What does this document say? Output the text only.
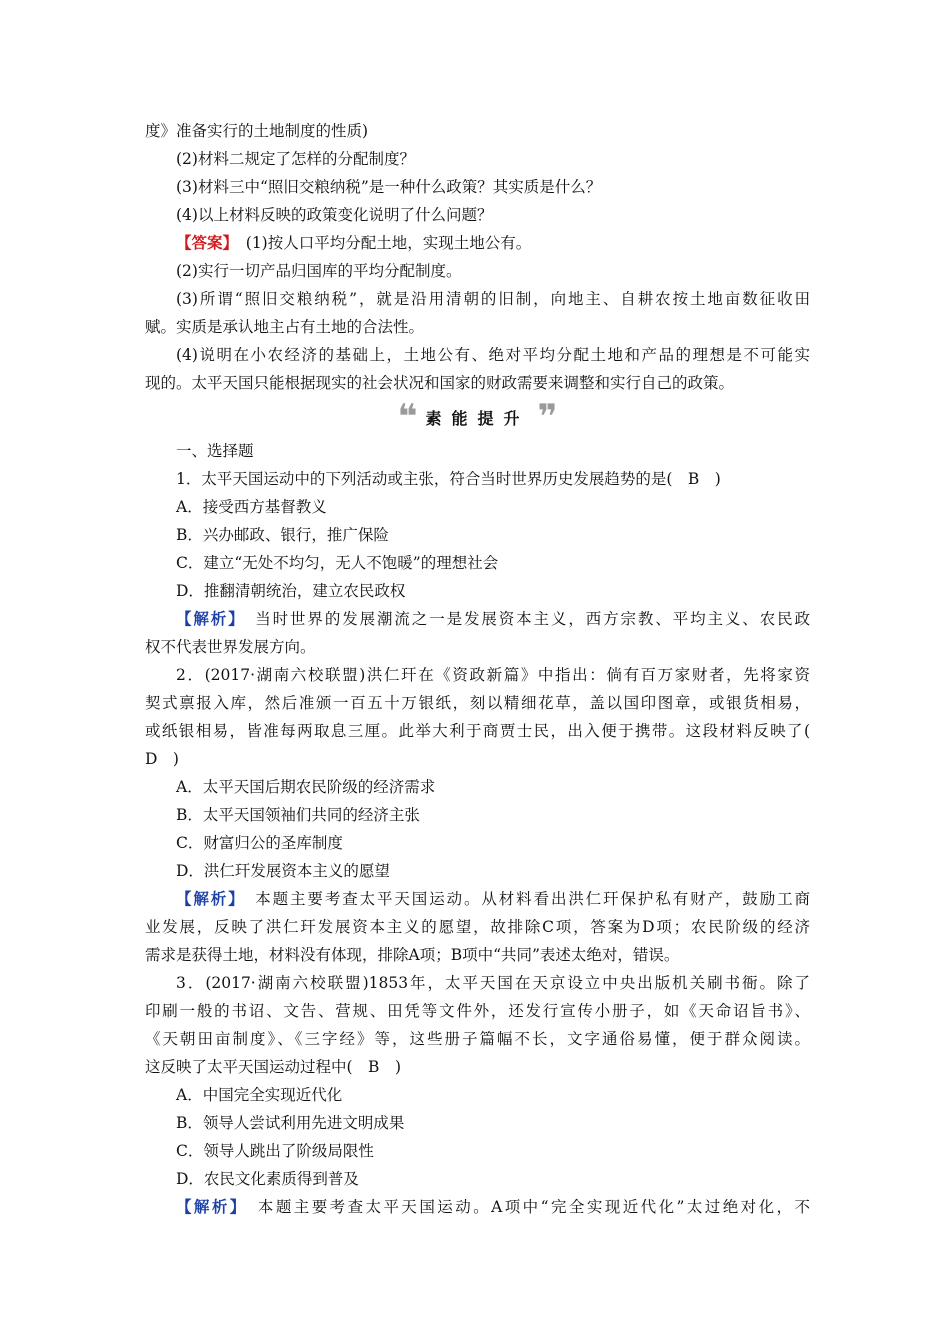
度》准备实行的土地制度的性质)
(2)材料二规定了怎样的分配制度？
(3)材料三中“照旧交粮纳税”是一种什么政策？其实质是什么？
(4)以上材料反映的政策变化说明了什么问题？
【答案】　(1)按人口平均分配土地，实现土地公有。
(2)实行一切产品归国库的平均分配制度。
(3)所谓“照旧交粮纳税”，就是沿用清朝的旧制，向地主、自耕农按土地亩数征收田
赋。实质是承认地主占有土地的合法性。
(4)说明在小农经济的基础上，土地公有、绝对平均分配土地和产品的理想是不可能实
现的。太平天国只能根据现实的社会状况和国家的财政需要来调整和实行自己的政策。
❝ 素能提升 ❞
一、选择题
1．太平天国运动中的下列活动或主张，符合当时世界历史发展趋势的是(　B　)
A．接受西方基督教义
B．兴办邮政、银行，推广保险
C．建立“无处不均匀，无人不饱暖”的理想社会
D．推翻清朝统治，建立农民政权
【解析】　当时世界的发展潮流之一是发展资本主义，西方宗教、平均主义、农民政
权不代表世界发展方向。
2．(2017·湖南六校联盟)洪仁玕在《资政新篇》中指出：倘有百万家财者，先将家资
契式禀报入库，然后准颁一百五十万银纸，刻以精细花草，盖以国印图章，或银货相易，
或纸银相易，皆准每两取息三厘。此举大利于商贾士民，出入便于携带。这段材料反映了(
D　)
A．太平天国后期农民阶级的经济需求
B．太平天国领袖们共同的经济主张
C．财富归公的圣库制度
D．洪仁玕发展资本主义的愿望
【解析】　本题主要考查太平天国运动。从材料看出洪仁玕保护私有财产，鼓励工商
业发展，反映了洪仁玕发展资本主义的愿望，故排除C项，答案为D项；农民阶级的经济
需求是获得土地，材料没有体现，排除A项；B项中“共同”表述太绝对，错误。
3．(2017·湖南六校联盟)1853年，太平天国在天京设立中央出版机关刷书衙。除了
印刷一般的书诏、文告、营规、田凭等文件外，还发行宣传小册子，如《天命诏旨书》、
《天朝田亩制度》、《三字经》等，这些册子篇幅不长，文字通俗易懂，便于群众阅读。
这反映了太平天国运动过程中(　B　)
A．中国完全实现近代化
B．领导人尝试利用先进文明成果
C．领导人跳出了阶级局限性
D．农民文化素质得到普及
【解析】　本题主要考查太平天国运动。A项中“完全实现近代化”太过绝对化，不
